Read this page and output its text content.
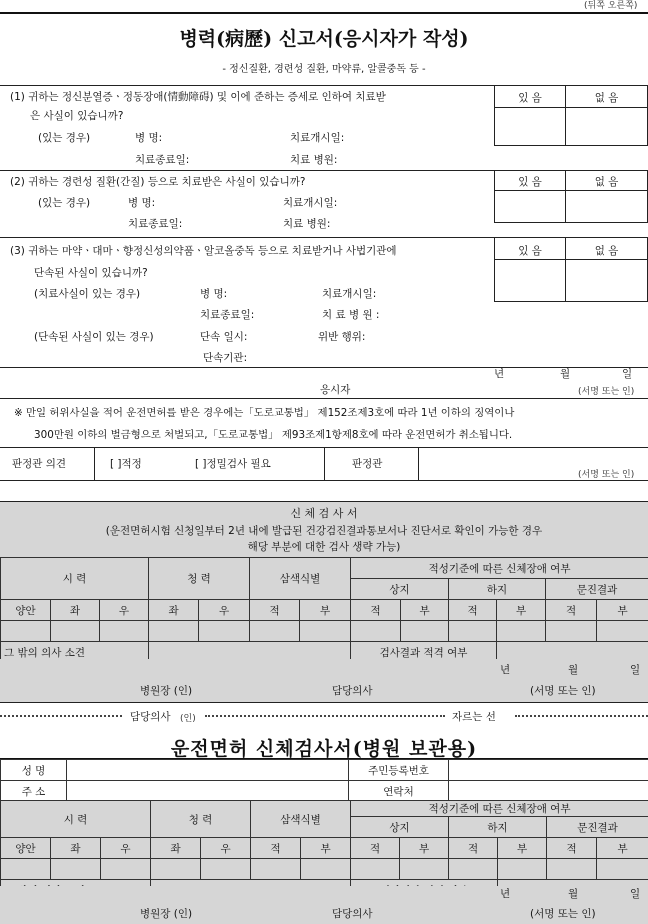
(뒤쪽 오른쪽)
병력(病歷) 신고서(응시자가 작성)
- 정신질환, 경련성 질환, 마약류, 알콜중독 등 -
(1) 귀하는 정신분열증ㆍ정동장애(情動障碍) 및 이에 준하는 증세로 인하여 치료받
은 사실이 있습니까?
(있는 경우)	병 명:	치료개시일:
치료종료일:	치료 병원:
있 음	없 음
(2) 귀하는 경련성 질환(간질) 등으로 치료받은 사실이 있습니까?
(있는 경우)	병 명:	치료개시일:
치료종료일:	치료 병원:
있 음	없 음
(3) 귀하는 마약ㆍ대마ㆍ향정신성의약품ㆍ알코올중독 등으로 치료받거나 사법기관에
단속된 사실이 있습니까?
(치료사실이 있는 경우)	병 명:	치료개시일:
치료종료일:	치 료 병 원 :
(단속된 사실이 있는 경우)	단속 일시:	위반 행위:
단속기관:
있 음	없 음
년	월	일
응시자	(서명 또는 인)
※ 만일 허위사실을 적어 운전면허를 받은 경우에는「도로교통법」 제152조제3호에 따라 1년 이하의 징역이나
300만원 이하의 벌금형으로 처벌되고,「도로교통법」 제93조제1항제8호에 따라 운전면허가 취소됩니다.
판정관 의견	[ ]적정	[ ]정밀검사 필요	판정관
(서명 또는 인)
신 체 검 사 서
(운전면허시험 신청일부터 2년 내에 발급된 건강검진결과통보서나 진단서로 확인이 가능한 경우
해당 부분에 대한 검사 생략 가능)
시 력			청 력		삼색식별		적성기준에 따른 신체장애 여부					
							상지		하지		문진결과	
양안	좌	우	좌	우	적	부	적	부	적	부	적	부

그 밖의 의사 소견							검사결과 적격 여부					
년	월	일
병원장 (인)	담당의사	(서명 또는 인)
담당의사 (인)	자르는 선
운전면허 신체검사서(병원 보관용)
성 명		주민등록번호	
주 소		연락처	
시 력			청 력		삼색식별		적성기준에 따른 신체장애 여부					
							상지		하지		문진결과	
양안	좌	우	좌	우	적	부	적	부	적	부	적	부

년	월	일
병원장 (인)	담당의사	(서명 또는 인)
